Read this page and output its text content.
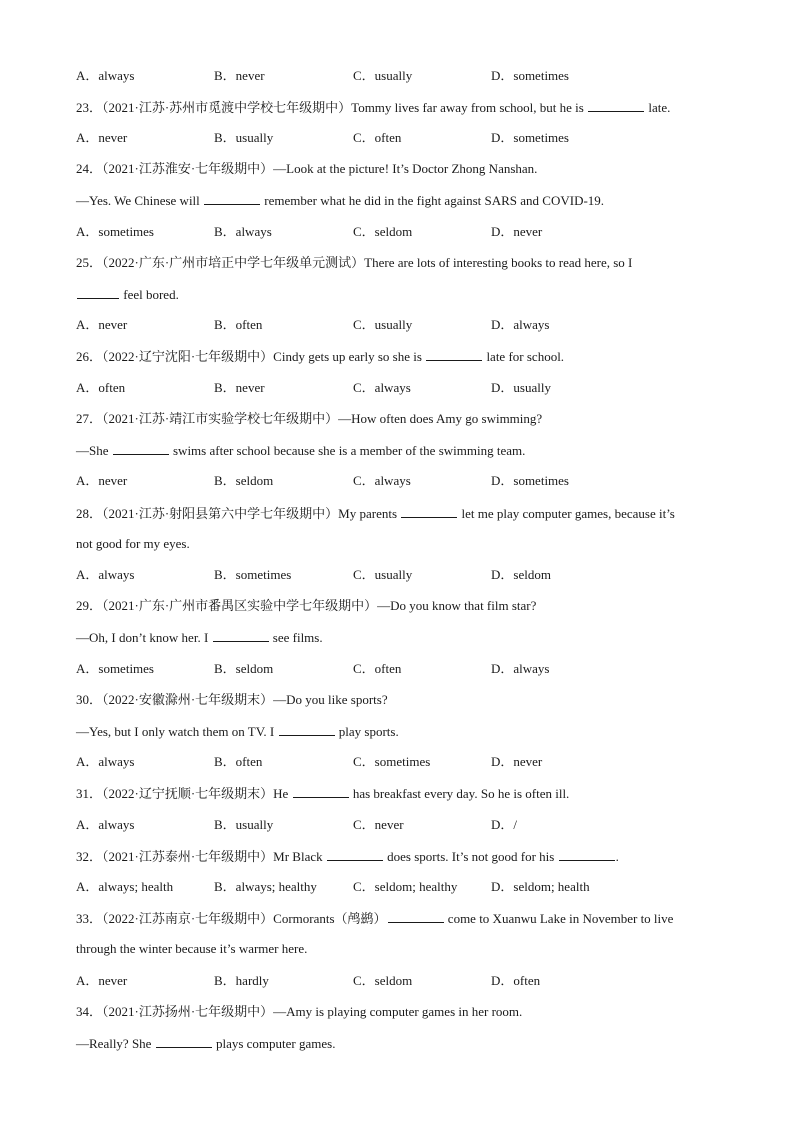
A．always	B．never	C．usually	D．sometimes
23．（2021·江苏·苏州市觅渡中学校七年级期中）Tommy lives far away from school, but he is	late.
A．never	B．usually	C．often	D．sometimes
24．（2021·江苏淮安·七年级期中）—Look at the picture! It’s Doctor Zhong Nanshan.
—Yes. We Chinese will	remember what he did in the fight against SARS and COVID-19.
A．sometimes	B．always	C．seldom	D．never
25．（2022·广东·广州市培正中学七年级单元测试）There are lots of interesting books to read here, so I
feel bored.
A．never	B．often	C．usually	D．always
26．（2022·辽宁沈阳·七年级期中）Cindy gets up early so she is	late for school.
A．often	B．never	C．always	D．usually
27．（2021·江苏·靖江市实验学校七年级期中）—How often does Amy go swimming?
—She	swims after school because she is a member of the swimming team.
A．never	B．seldom	C．always	D．sometimes
28．（2021·江苏·射阳县第六中学七年级期中）My parents	let me play computer games, because it’s
not good for my eyes.
A．always	B．sometimes	C．usually	D．seldom
29．（2021·广东·广州市番禺区实验中学七年级期中）—Do you know that film star?
—Oh, I don’t know her. I	see films.
A．sometimes	B．seldom	C．often	D．always
30．（2022·安徽滁州·七年级期末）—Do you like sports?
—Yes, but I only watch them on TV. I	play sports.
A．always	B．often	C．sometimes	D．never
31．（2022·辽宁抚顺·七年级期末）He	has breakfast every day. So he is often ill.
A．always	B．usually	C．never	D．/
32．（2021·江苏泰州·七年级期中）Mr Black	does sports. It’s not good for his	.
A．always; health	B．always; healthy	C．seldom; healthy	D．seldom; health
33．（2022·江苏南京·七年级期中）Cormorants（鸬鹚）	come to Xuanwu Lake in November to live
through the winter because it’s warmer here.
A．never	B．hardly	C．seldom	D．often
34．（2021·江苏扬州·七年级期中）—Amy is playing computer games in her room.
—Really? She	plays computer games.
